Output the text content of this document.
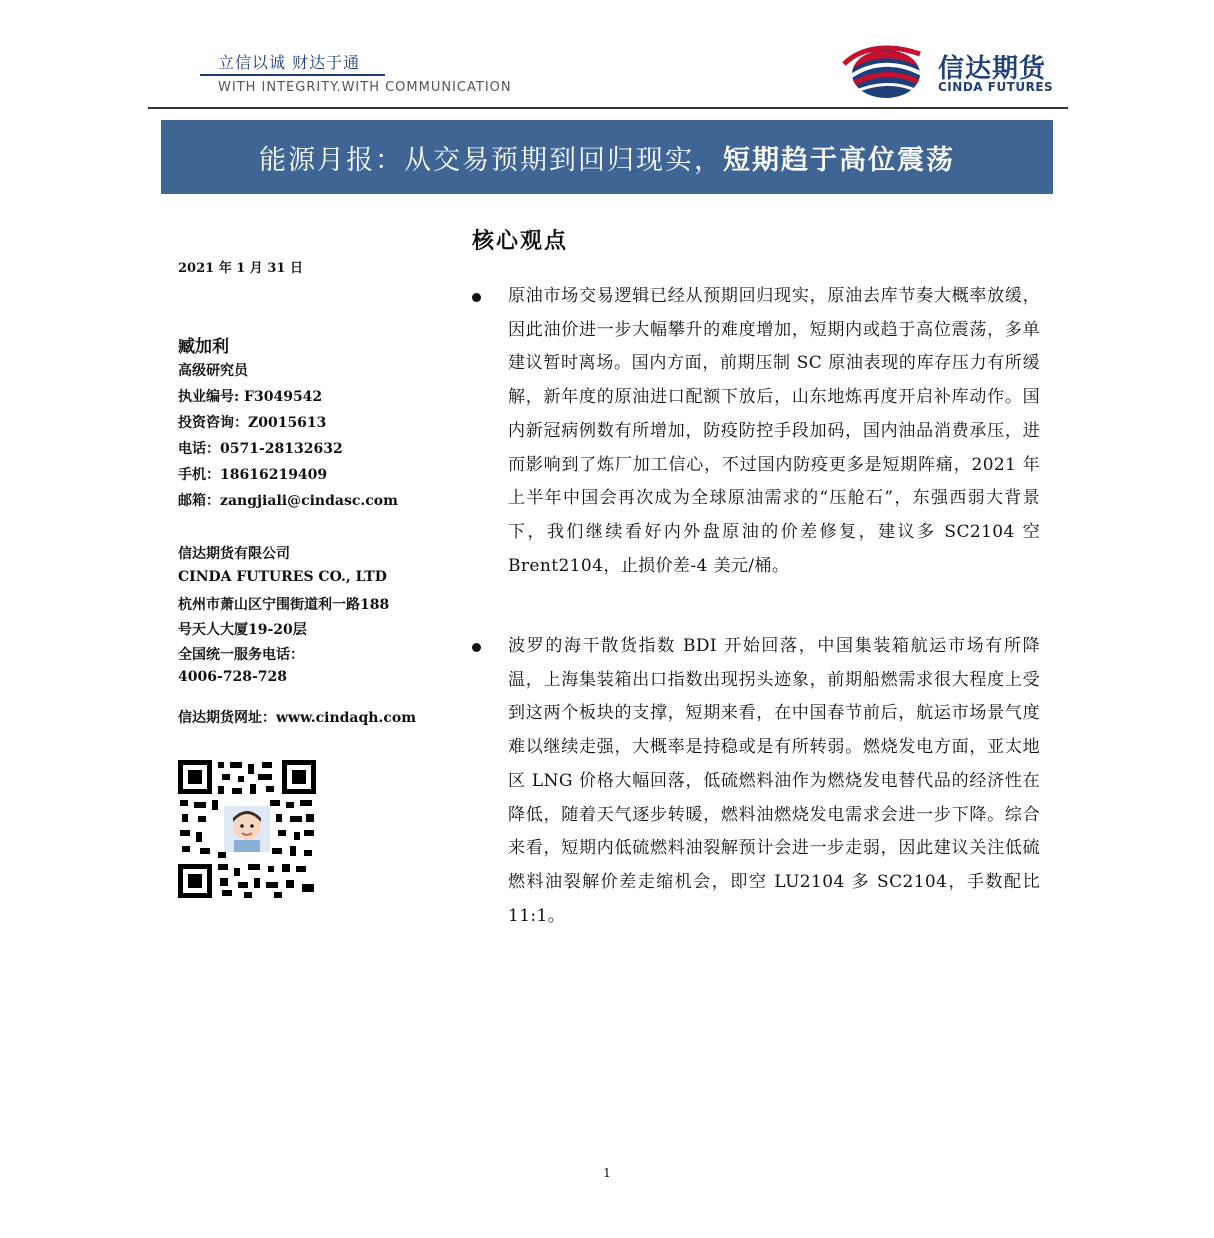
立信以诚 财达于通
WITH INTEGRITY.WITH COMMUNICATION
信达期货
CINDA FUTURES
能源月报：从交易预期到回归现实，短期趋于高位震荡
2021 年 1 月 31 日
臧加利
高级研究员
执业编号: F3049542
投资咨询：Z0015613
电话：0571-28132632
手机：18616219409
邮箱：zangjiali@cindasc.com
信达期货有限公司
CINDA FUTURES CO., LTD
杭州市萧山区宁围街道利一路188
号天人大厦19-20层
全国统一服务电话：
4006-728-728
信达期货网址：www.cindaqh.com
核心观点
原油市场交易逻辑已经从预期回归现实，原油去库节奏大概率放缓，因此油价进一步大幅攀升的难度增加，短期内或趋于高位震荡，多单建议暂时离场。国内方面，前期压制 SC 原油表现的库存压力有所缓解，新年度的原油进口配额下放后，山东地炼再度开启补库动作。国内新冠病例数有所增加，防疫防控手段加码，国内油品消费承压，进而影响到了炼厂加工信心，不过国内防疫更多是短期阵痛，2021 年上半年中国会再次成为全球原油需求的“压舱石”，东强西弱大背景下，我们继续看好内外盘原油的价差修复，建议多 SC2104 空 Brent2104，止损价差-4 美元/桶。
波罗的海干散货指数 BDI 开始回落，中国集装箱航运市场有所降温，上海集装箱出口指数出现拐头迹象，前期船燃需求很大程度上受到这两个板块的支撑，短期来看，在中国春节前后，航运市场景气度难以继续走强，大概率是持稳或是有所转弱。燃烧发电方面，亚太地区 LNG 价格大幅回落，低硫燃料油作为燃烧发电替代品的经济性在降低，随着天气逐步转暖，燃料油燃烧发电需求会进一步下降。综合来看，短期内低硫燃料油裂解预计会进一步走弱，因此建议关注低硫燃料油裂解价差走缩机会，即空 LU2104 多 SC2104，手数配比 11:1。
1
